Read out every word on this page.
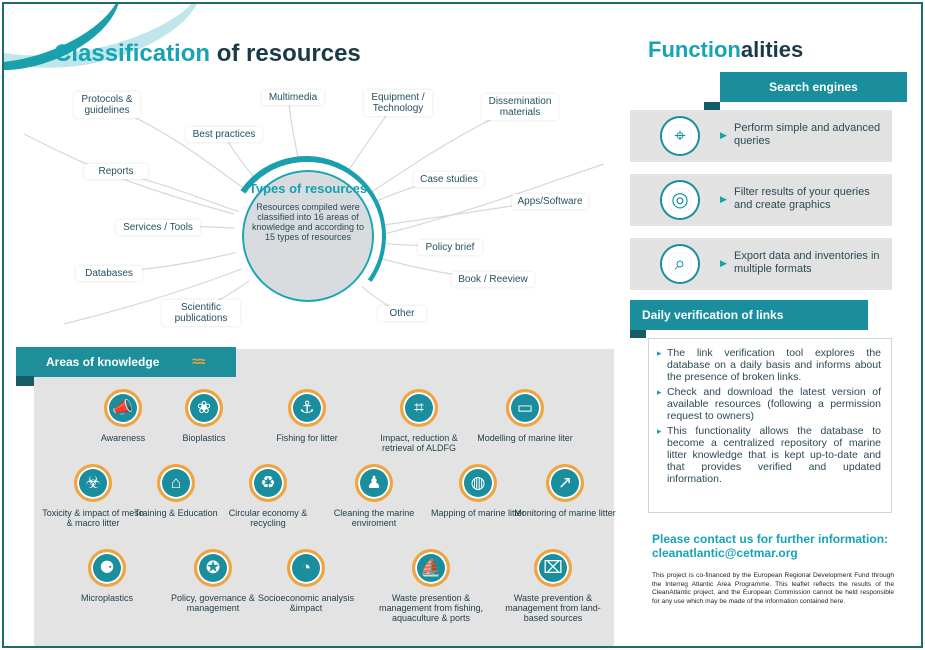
Classification of resources
Protocols & guidelines
Multimedia	Equipment / Technology
Dissemination materials
Best practices
Reports
Case studies
Apps/Software
Services / Tools
Policy brief
Databases
Book / Reeview
Scientific publications	Other
Types of resources
Resources compiled were classified into 16 areas of knowledge and according to 15 types of resources
Areas of knowledge ≈≈
📣
Awareness
❀
Bioplastics
⚓
Fishing for litter
⌗
Impact, reduction & retrieval of ALDFG
▭
Modelling of marine liter
☣
Toxicity & impact of meso & macro litter
⌂
Training & Education
♻
Circular economy & recycling
♟
Cleaning the marine enviroment
◍
Mapping of marine litter
↗
Monitoring of marine litter
⚈
Microplastics
✪
Policy, governance & management
◔
Socioeconomic analysis &impact
⛵
Waste presention & management from fishing, aquaculture & ports
⌧
Waste prevention & management from land-based sources
Functionalities
Search engines
⌖	▶
Perform simple and advanced queries
◎	▶
Filter results of your queries and create graphics
⌕	▶
Export data and inventories in multiple formats
Daily verification of links
▸ The link verification tool explores the database on a daily basis and informs about the presence of broken links.
▸ Check and download the latest version of available resources (following a permission request to owners)
▸ This functionality allows the database to become a centralized repository of marine litter knowledge that is kept up-to-date and that provides verified and updated information.
Please contact us for further information:
cleanatlantic@cetmar.org
This project is co-financed by the European Regional Development Fund through the Interreg Atlantic Area Programme. This leaflet reflects the results of the CleanAtlantic project, and the European Commission cannot be held responsible for any use which may be made of the information contained here.
